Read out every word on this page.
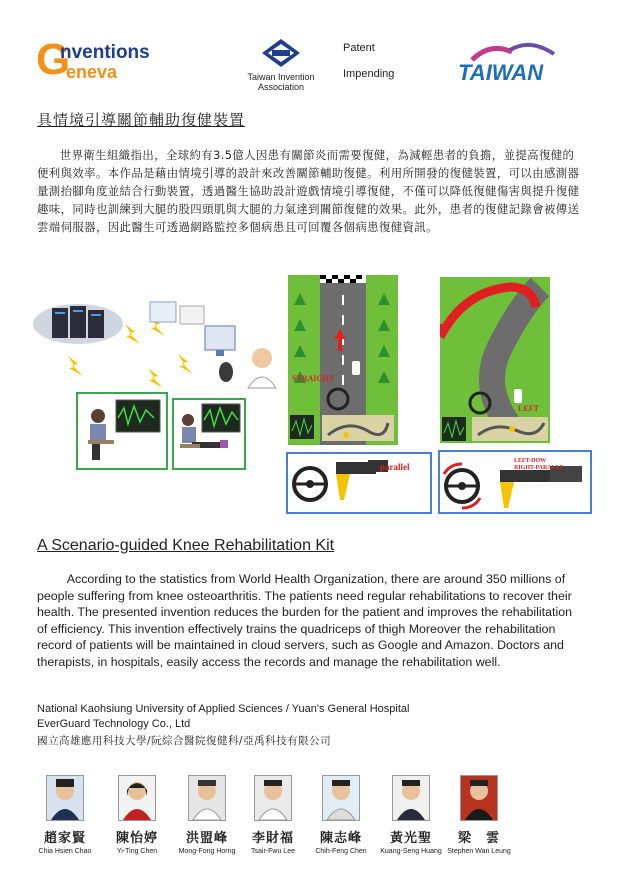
G
nventions
eneva	Taiwan Invention
Association
Patent
Impending	TAIWAN
具情境引導關節輔助復健裝置
世界衛生組織指出，全球約有3.5億人因患有關節炎而需要復健，為減輕患者的負擔，並提高復健的便利與效率。本作品是藉由情境引導的設計來改善關節輔助復健。利用所開發的復健裝置，可以由感測器量測抬腳角度並結合行動裝置，透過醫生協助設計遊戲情境引導復健，不僅可以降低復健傷害與提升復健趣味，同時也訓練到大腿的股四頭肌與大腿的力氣達到關節復健的效果。此外，患者的復健記錄會被傳送雲端伺服器，因此醫生可透過網路監控多個病患且可回覆各個病患復健資訊。
STRAIGHT
LEFT
parallel
LEFT-DOW
RIGHT-PARALLE
A Scenario-guided Knee Rehabilitation Kit
According to the statistics from World Health Organization, there are around 350 millions of people suffering from knee osteoarthritis. The patients need regular rehabilitations to recover their health. The presented invention reduces the burden for the patient and improves the rehabilitation of efficiency. This invention effectively trains the quadriceps of thigh Moreover the rehabilitation record of patients will be maintained in cloud servers, such as Google and Amazon. Doctors and therapists, in hospitals, easily access the records and manage the rehabilitation well.
National Kaohsiung University of Applied Sciences / Yuan's General Hospital
EverGuard Technology Co., Ltd
國立高雄應用科技大學/阮綜合醫院復健科/亞禹科技有限公司
趙家賢
Chia Hsien Chao
陳怡婷
Yi-Ting Chen
洪盟峰
Mong-Fong Horng
李財福
Tsair-Fwu Lee
陳志峰
Chih-Feng Chen
黃光聖
Kuang-Seng Huang
梁　雲
Stephen Wan Leung
